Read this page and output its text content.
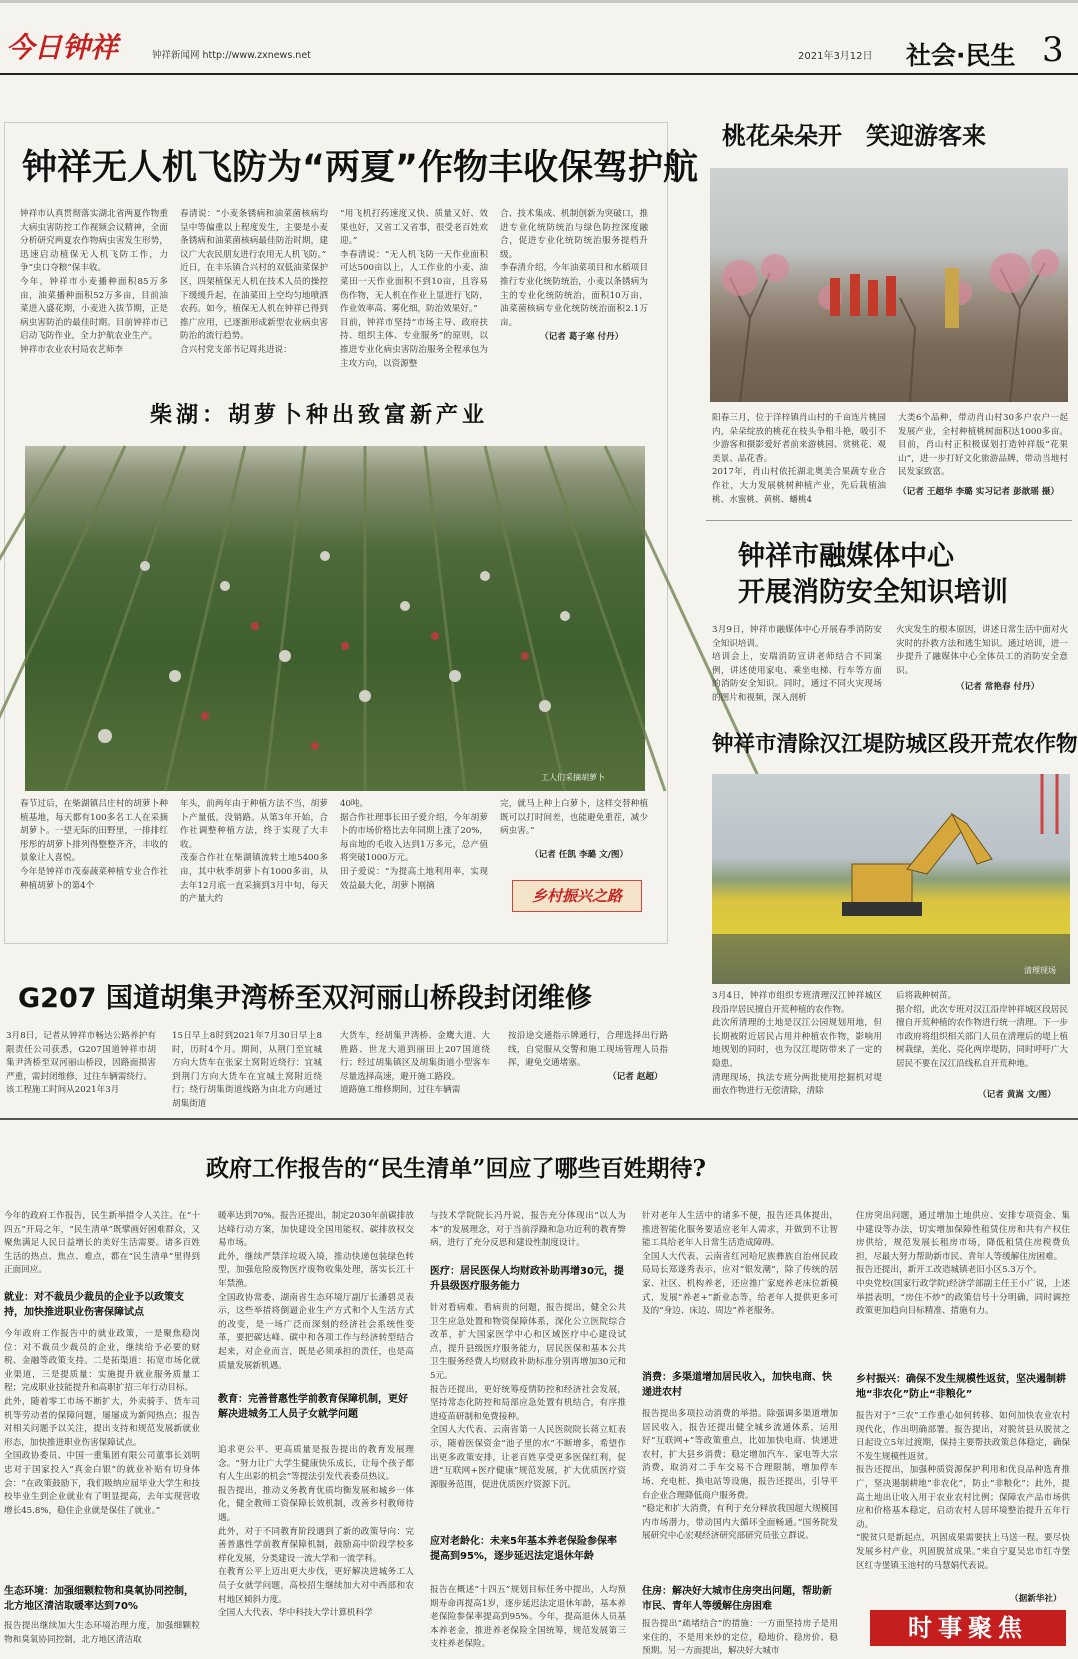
今日钟祥	钟祥新闻网 http://www.zxnews.net	2021年3月12日 社会·民生 3
钟祥无人机飞防为“两夏”作物丰收保驾护航
钟祥市认真贯彻落实湖北省两夏作物重大病虫害防控工作视频会议精神，全面分析研究两夏农作物病虫害发生形势，迅速启动植保无人机飞防工作，力争“虫口夺粮”保丰收。
今年，钟祥市小麦播种面积85万多亩，油菜播种面积52万多亩，目前油菜进入盛花期，小麦进入拔节期，正是病虫害防治的最佳时期。目前钟祥市已启动飞防作业，全力护航农业生产。
钟祥市农业农村局农艺师李
春清说：“小麦条锈病和油菜菌核病均呈中等偏重以上程度发生，主要是小麦条锈病和油菜菌核病最佳防治时期，建议广大农民朋友进行农用无人机飞防。”
近日，在丰乐镇合兴村的双低油菜保护区，四架植保无人机在技术人员的操控下缓缓升起，在油菜田上空均匀地喷洒农药。如今，植保无人机在钟祥已得到推广应用，已逐渐形成新型农业病虫害防治的流行趋势。
合兴村党支部书记周兆进说：
“用飞机打药速度又快、质量又好、效果也好，又省工又省事，很受老百姓欢迎。”
李春清说：“无人机飞防一天作业面积可达500亩以上，人工作业的小麦、油菜田一天作业面积不到10亩，且容易伤作物，无人机在作业上显进行飞防，作业效率高、雾化细，防治效果好。”
目前，钟祥市坚持“市场主导、政府扶持、组织主体、专业服务”的原则，以推进专业化病虫害防治服务全程承包为主攻方向，以资源整
合、技术集成、机制创新为突破口，推进专业化统防统治与绿色防控深度融合，促进专业化统防统治服务提档升级。
李春清介绍，今年油菜项目和水稻项目推行专业化统防统治，小麦以条锈病为主的专业化统防统治，面积10万亩，油菜菌核病专业化统防统治面积2.1万亩。
（记者 葛子寒 付丹）
柴湖：胡萝卜种出致富新产业
工人们采摘胡萝卜
春节过后，在柴湖镇吕庄村的胡萝卜种植基地，每天都有100多名工人在采摘胡萝卜。一望无际的田野里，一排排红彤彤的胡萝卜排列得整整齐齐，丰收的景象让人喜悦。
今年是钟祥市茂泰蔬菜种植专业合作社种植胡萝卜的第4个
年头，前两年由于种植方法不当，胡萝卜产量低，没销路。从第3年开始，合作社调整种植方法，终于实现了大丰收。
茂泰合作社在柴湖镇流转土地5400多亩，其中秋季胡萝卜有1000多亩，从去年12月底一直采摘到3月中旬，每天的产量大约
40吨。
据合作社理事长田子爱介绍，今年胡萝卜的市场价格比去年同期上涨了20%，每亩地的毛收入达到1万多元，总产值将突破1000万元。
田子爱说：“为提高土地利用率，实现效益最大化，胡萝卜刚摘
完，就马上种上白萝卜，这样交替种植既可以打时间差，也能避免重茬，减少病虫害。”
（记者 任凯 李璐 文/图）
乡村振兴之路
G207 国道胡集尹湾桥至双河丽山桥段封闭维修
3月8日，记者从钟祥市畅达公路养护有限责任公司获悉，G207国道钟祥市胡集尹湾桥至双河丽山桥段，因路面损害严重，需封闭维修，过往车辆需绕行。
该工程施工时间从2021年3月
15日早上8时到2021年7月30日早上8时，历时4个月。期间，从荆门至宜城方向大货车在张家土窝附近绕行：宜城到荆门方向大货车在宜城土窝附近绕行；绕行胡集街道线路为由北方向通过胡集街道
大货车，经胡集尹湾桥、金鹰大道、大胜路、世龙大道到丽田上207国道绕行；经过胡集镇区及胡集街道小型客车尽量选择高速，避开施工路段。
道路施工维修期间，过往车辆需
按沿途交通指示牌通行，合理选择出行路线，自觉服从交警和施工现场管理人员指挥，避免交通堵塞。
（记者 赵超）
桃花朵朵开　笑迎游客来
阳春三月，位于洋梓镇肖山村的千亩连片桃园内，朵朵绽放的桃花在枝头争相斗艳，吸引不少游客和摄影爱好者前来游桃园、赏桃花、观美景、品花香。
2017年，肖山村依托湖北奥美合果蔬专业合作社，大力发展桃树种植产业，先后栽植油桃、水蜜桃、黄桃、蟠桃4
大类6个品种，带动肖山村30多户农户一起发展产业，全村种植桃树面积达1000多亩。目前，肖山村正积极谋划打造钟祥版“花果山”，进一步打好文化旅游品牌，带动当地村民发家致富。
（记者 王超华 李璐 实习记者 彭歆瑶 摄）
钟祥市融媒体中心
开展消防安全知识培训
3月9日，钟祥市融媒体中心开展春季消防安全知识培训。
培训会上，安瑞消防宣讲老师结合不同案例，讲述使用家电、乘坐电梯、行车等方面的消防安全知识。同时，通过不同火灾现场的图片和视频，深入剖析
火灾发生的根本原因，讲述日常生活中面对火灾时的扑救方法和逃生知识。通过培训，进一步提升了融媒体中心全体员工的消防安全意识。
（记者 常艳春 付丹）
钟祥市清除汉江堤防城区段开荒农作物
清理现场
3月4日，钟祥市组织专班清理汉江钟祥城区段沿岸居民擅自开荒种植的农作物。
此次所清理的土地是汉江公园规划用地，但长期被附近居民占用并种植农作物，影响用地规划的同时，也为汉江堤防带来了一定的隐患。
清理现场，执法专班分两批使用挖掘机对堤面农作物进行无偿清除，清除
后将栽种树苗。
据介绍，此次专班对汉江沿岸钟祥城区段居民擅自开荒种植的农作物进行统一清理。下一步市政府将组织相关部门人员在清理后的堤上植树栽绿，美化、亮化两岸堤防，同时呼吁广大居民不要在汉江沿线私自开荒种地。
（记者 黄嵩 文/图）
政府工作报告的“民生清单”回应了哪些百姓期待?
今年的政府工作报告，民生新举措令人关注。在“十四五”开局之年，“民生清单”既擘画好困难群众，又聚焦满足人民日益增长的美好生活需要。诸多百姓生活的热点、焦点、难点，都在“民生清单”里得到正面回应。
就业：对不裁员少裁员的企业予以政策支持，加快推进职业伤害保障试点
今年政府工作报告中的就业政策，一是聚焦稳岗位：对不裁员少裁员的企业，继续给予必要的财税、金融等政策支持。二是拓渠道：拓宽市场化就业渠道，三是提质量：实施提升就业服务质量工程；完成职业技能提升和高职扩招三年行动目标。
此外，随着零工市场不断扩大，外卖骑手、货车司机等劳动者的保障问题，屡屡成为新闻热点；报告对相关问题予以关注，提出支持和规范发展新就业形态，加快推进职业伤害保障试点。
全国政协委员、中国一重集团有限公司董事长刘明忠对于国家投入“真金白银”的就业补贴有切身体会：“在政策鼓励下，我们吸纳应届毕业大学生和技校毕业生到企业就业有了明显提高，去年实现营收增长45.8%，稳住企业就是保住了就业。”
生态环境：加强细颗粒物和臭氧协同控制，北方地区清洁取暖率达到70%
报告提出继续加大生态环境治理力度，加强细颗粒物和臭氧协同控制，北方地区清洁取
暖率达到70%。报告还提出，制定2030年前碳排放达峰行动方案，加快建设全国用能权、碳排放权交易市场。
此外，继续严禁洋垃圾入境，推动快递包装绿色转型，加强危险废物医疗废物收集处理，落实长江十年禁渔。
全国政协常委、湖南省生态环境厅副厅长潘碧灵表示，这些举措将倒逼企业生产方式和个人生活方式的改变，是一场广泛而深刻的经济社会系统性变革，要把碳达峰、碳中和各项工作与经济转型结合起来，对企业而言，既是必须承担的责任，也是高质量发展新机遇。
教育：完善普惠性学前教育保障机制，更好解决进城务工人员子女就学问题
追求更公平、更高质量是报告提出的教育发展理念。“努力让广大学生健康快乐成长，让每个孩子都有人生出彩的机会”等提法引发代表委员热议。
报告提出，推动义务教育优质均衡发展和城乡一体化，健全教师工资保障长效机制，改善乡村教师待遇。
此外，对于不同教育阶段遇到了新的政策导向：完善普惠性学前教育保障机制，鼓励高中阶段学校多样化发展，分类建设一流大学和一流学科。
在教育公平上迈出更大步伐，更好解决进城务工人员子女就学问题，高校招生继续加大对中西部和农村地区倾斜力度。
全国人大代表、华中科技大学计算机科学
与技术学院院长冯丹说，报告充分体现出“以人为本”的发展理念，对于当前浮躁和急功近利的教育弊病，进行了充分反思和建设性制度设计。
医疗：居民医保人均财政补助再增30元，提升县级医疗服务能力
针对看病难、看病贵的问题，报告提出，健全公共卫生应急处置和物资保障体系，深化公立医院综合改革，扩大国家医学中心和区域医疗中心建设试点，提升县级医疗服务能力，居民医保和基本公共卫生服务经费人均财政补助标准分别再增加30元和5元。
报告还提出，更好统筹疫情防控和经济社会发展，坚持常态化防控和局部应急处置有机结合，有序推进疫苗研制和免费接种。
全国人大代表、云南省第一人民医院院长蒋立虹表示，随着医保资金“池子里的水”不断增多，希望作出更多政策安排，让老百姓享受更多医保红利，促进“互联网+医疗健康”规范发展，扩大优质医疗资源服务范围，促进优质医疗资源下沉。
应对老龄化：未来5年基本养老保险参保率提高到95%，逐步延迟法定退休年龄
报告在概述“十四五”规划目标任务中提出，人均预期寿命再提高1岁，逐步延迟法定退休年龄，基本养老保险参保率提高到95%。今年，提高退休人员基本养老金，推进养老保险全国统筹，规范发展第三支柱养老保险。
针对老年人生活中的诸多不便，报告还具体提出，推进智能化服务要适应老年人需求，并做到不让智能工具给老年人日常生活造成障碍。
全国人大代表、云南省红河哈尼族彝族自治州民政局局长郑遂秀表示，应对“银发潮”，除了传统的居家、社区、机构养老，还应推广家庭养老床位新模式，发展“养老+”新业态等，给老年人提供更多可及的“身边、床边、周边”养老服务。
消费：多渠道增加居民收入，加快电商、快递进农村
报告提出多项拉动消费的举措。除强调多渠道增加居民收入，报告还提出健全城乡流通体系，运用好“互联网+”等政策重点，比如加快电商、快递进农村，扩大县乡消费；稳定增加汽车、家电等大宗消费，取消对二手车交易不合理限制，增加停车场、充电桩、换电站等设施，报告还提出，引导平台企业合理降低商户服务费。
“稳定和扩大消费，有利于充分释放我国超大规模国内市场潜力，带动国内大循环全面畅通。”国务院发展研究中心宏观经济研究部研究员张立群说。
住房：解决好大城市住房突出问题，帮助新市民、青年人等缓解住房困难
报告提出“疏堵结合”的措施：一方面坚持房子是用来住的，不是用来炒的定位，稳地价、稳房价、稳预期。另一方面提出，解决好大城市
住房突出问题，通过增加土地供应、安排专项资金、集中建设等办法，切实增加保障性租赁住房和共有产权住房供给，规范发展长租房市场，降低租赁住房税费负担，尽最大努力帮助新市民、青年人等缓解住房困难。
报告还提出，新开工改造城镇老旧小区5.3万个。
中央党校(国家行政学院)经济学部副主任王小广说，上述举措表明，“房住不炒”的政策信号十分明确，同时调控政策更加趋向目标精准、措施有力。
乡村振兴：确保不发生规模性返贫，坚决遏制耕地“非农化”防止“非粮化”
报告对于“三农”工作重心如何转移、如何加快农业农村现代化，作出明确部署。报告提出，对脱贫县从脱贫之日起设立5年过渡期，保持主要帮扶政策总体稳定，确保不发生规模性返贫。
报告还提出，加强种质资源保护利用和优良品种选育推广，坚决遏制耕地“非农化”，防止“非粮化”；此外，提高土地出让收入用于农业农村比例；保障农产品市场供应和价格基本稳定，启动农村人居环境整治提升五年行动。
“脱贫只是新起点，巩固成果需要扶上马送一程。要尽快发展乡村产业，巩固脱贫成果。”来自宁夏吴忠市红寺堡区红寺堡镇玉池村的马慧娟代表说。
（据新华社）
时事聚焦
